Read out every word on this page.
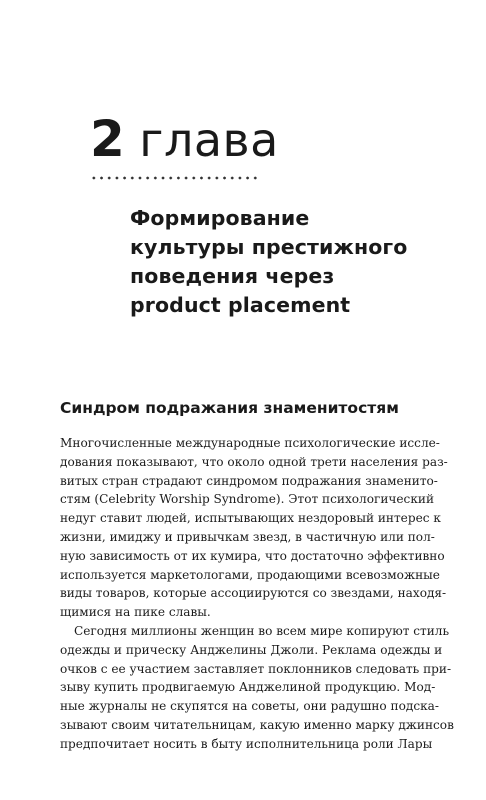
2 глава
Формирование
культуры престижного
поведения через
product placement
Синдром подражания знаменитостям
Многочисленные международные психологические иссле-
дования показывают, что около одной трети населения раз-
витых стран страдают синдромом подражания знаменито-
стям (Celebrity Worship Syndrome). Этот психологический
недуг ставит людей, испытывающих нездоровый интерес к
жизни, имиджу и привычкам звезд, в частичную или пол-
ную зависимость от их кумира, что достаточно эффективно
используется маркетологами, продающими всевозможные
виды товаров, которые ассоциируются со звездами, находя-
щимися на пике славы.
Сегодня миллионы женщин во всем мире копируют стиль
одежды и прическу Анджелины Джоли. Реклама одежды и
очков с ее участием заставляет поклонников следовать при-
зыву купить продвигаемую Анджелиной продукцию. Мод-
ные журналы не скупятся на советы, они радушно подска-
зывают своим читательницам, какую именно марку джинсов
предпочитает носить в быту исполнительница роли Лары
